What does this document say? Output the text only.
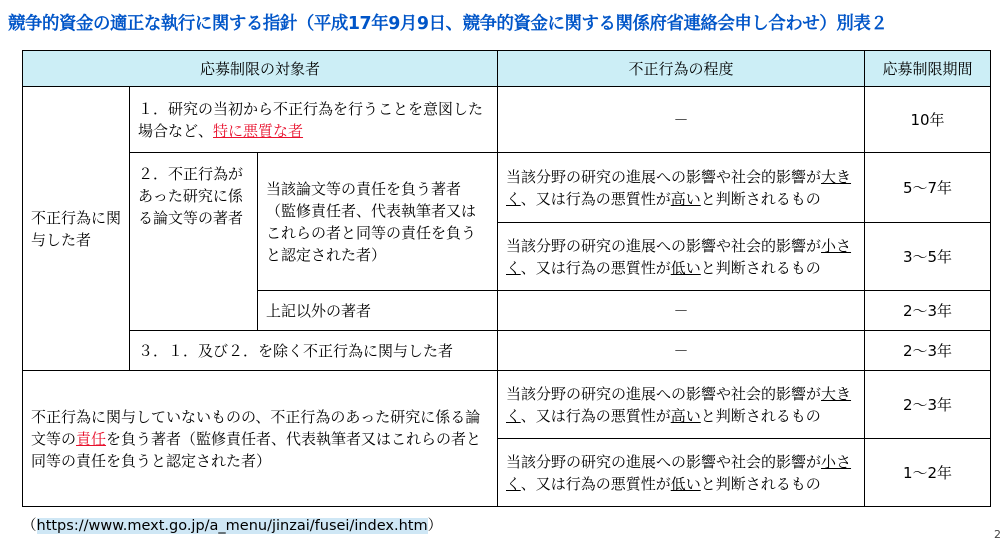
競争的資金の適正な執行に関する指針（平成17年9月9日、競争的資金に関する関係府省連絡会申し合わせ）別表２
応募制限の対象者			不正行為の程度	応募制限期間
不正行為に関与した者	１．研究の当初から不正行為を行うことを意図した場合など、特に悪質な者		－	10年
	２．不正行為があった研究に係る論文等の著者	当該論文等の責任を負う著者（監修責任者、代表執筆者又はこれらの者と同等の責任を負うと認定された者）	当該分野の研究の進展への影響や社会的影響が大きく、又は行為の悪質性が高いと判断されるもの	5～7年
			当該分野の研究の進展への影響や社会的影響が小さく、又は行為の悪質性が低いと判断されるもの	3～5年
		上記以外の著者	－	2～3年
	３．１．及び２．を除く不正行為に関与した者		－	2～3年
不正行為に関与していないものの、不正行為のあった研究に係る論文等の責任を負う著者（監修責任者、代表執筆者又はこれらの者と同等の責任を負うと認定された者）			当該分野の研究の進展への影響や社会的影響が大きく、又は行為の悪質性が高いと判断されるもの	2～3年
			当該分野の研究の進展への影響や社会的影響が小さく、又は行為の悪質性が低いと判断されるもの	1～2年
（https://www.mext.go.jp/a_menu/jinzai/fusei/index.htm）
2
